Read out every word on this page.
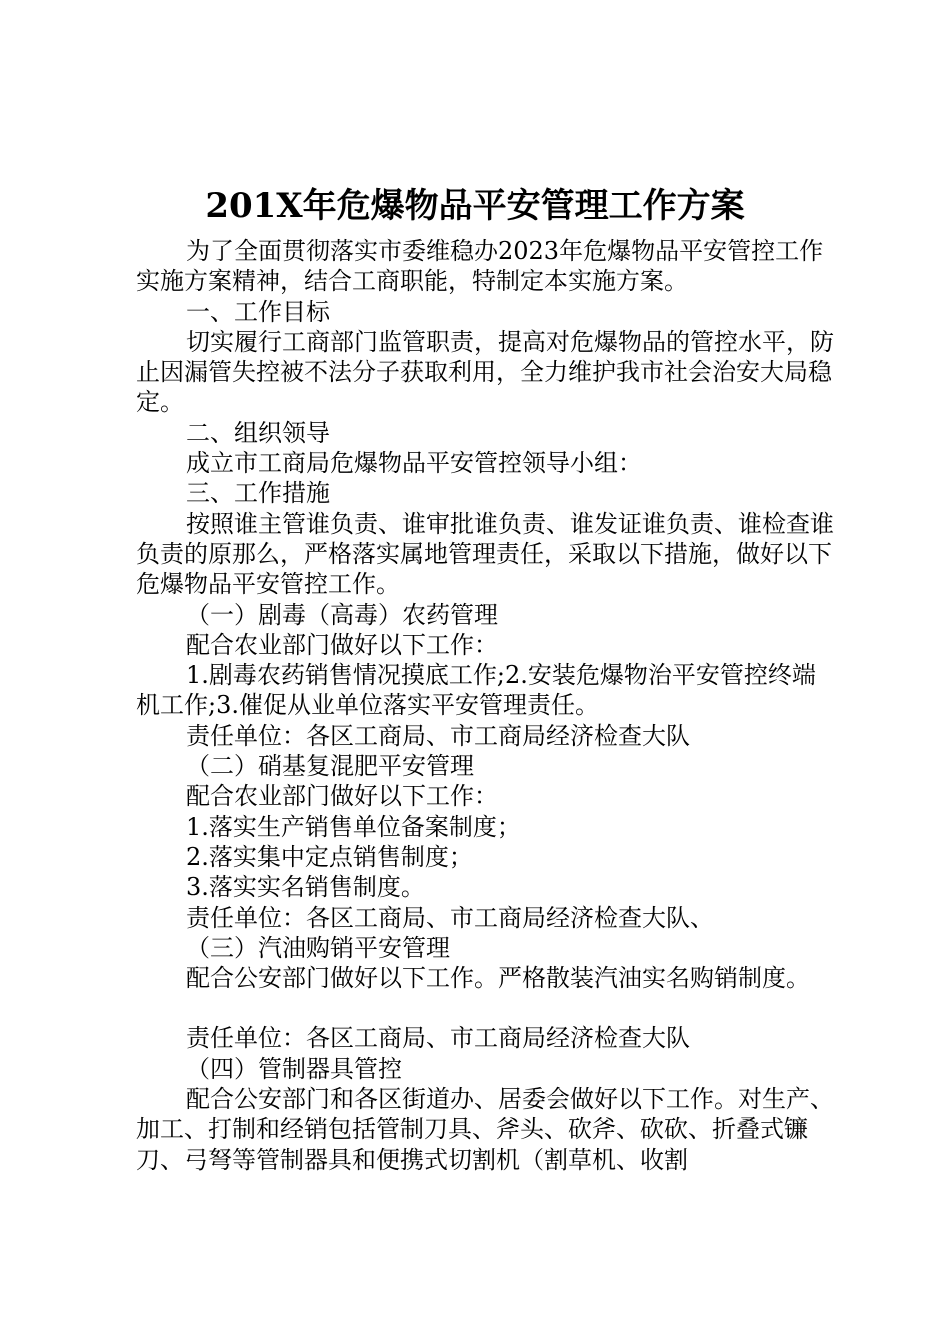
201X年危爆物品平安管理工作方案

为了全面贯彻落实市委维稳办2023年危爆物品平安管控工作实施方案精神，结合工商职能，特制定本实施方案。

一、工作目标

切实履行工商部门监管职责，提高对危爆物品的管控水平，防止因漏管失控被不法分子获取利用，全力维护我市社会治安大局稳定。

二、组织领导

成立市工商局危爆物品平安管控领导小组：

三、工作措施

按照谁主管谁负责、谁审批谁负责、谁发证谁负责、谁检查谁负责的原那么，严格落实属地管理责任，采取以下措施，做好以下危爆物品平安管控工作。

（一）剧毒（高毒）农药管理

配合农业部门做好以下工作：

1.剧毒农药销售情况摸底工作;2.安装危爆物治平安管控终端机工作;3.催促从业单位落实平安管理责任。

责任单位：各区工商局、市工商局经济检查大队

（二）硝基复混肥平安管理

配合农业部门做好以下工作：

1.落实生产销售单位备案制度；

2.落实集中定点销售制度；

3.落实实名销售制度。

责任单位：各区工商局、市工商局经济检查大队、

（三）汽油购销平安管理

配合公安部门做好以下工作。严格散装汽油实名购销制度。

责任单位：各区工商局、市工商局经济检查大队

（四）管制器具管控

配合公安部门和各区街道办、居委会做好以下工作。对生产、加工、打制和经销包括管制刀具、斧头、砍斧、砍砍、折叠式镰刀、弓弩等管制器具和便携式切割机（割草机、收割
